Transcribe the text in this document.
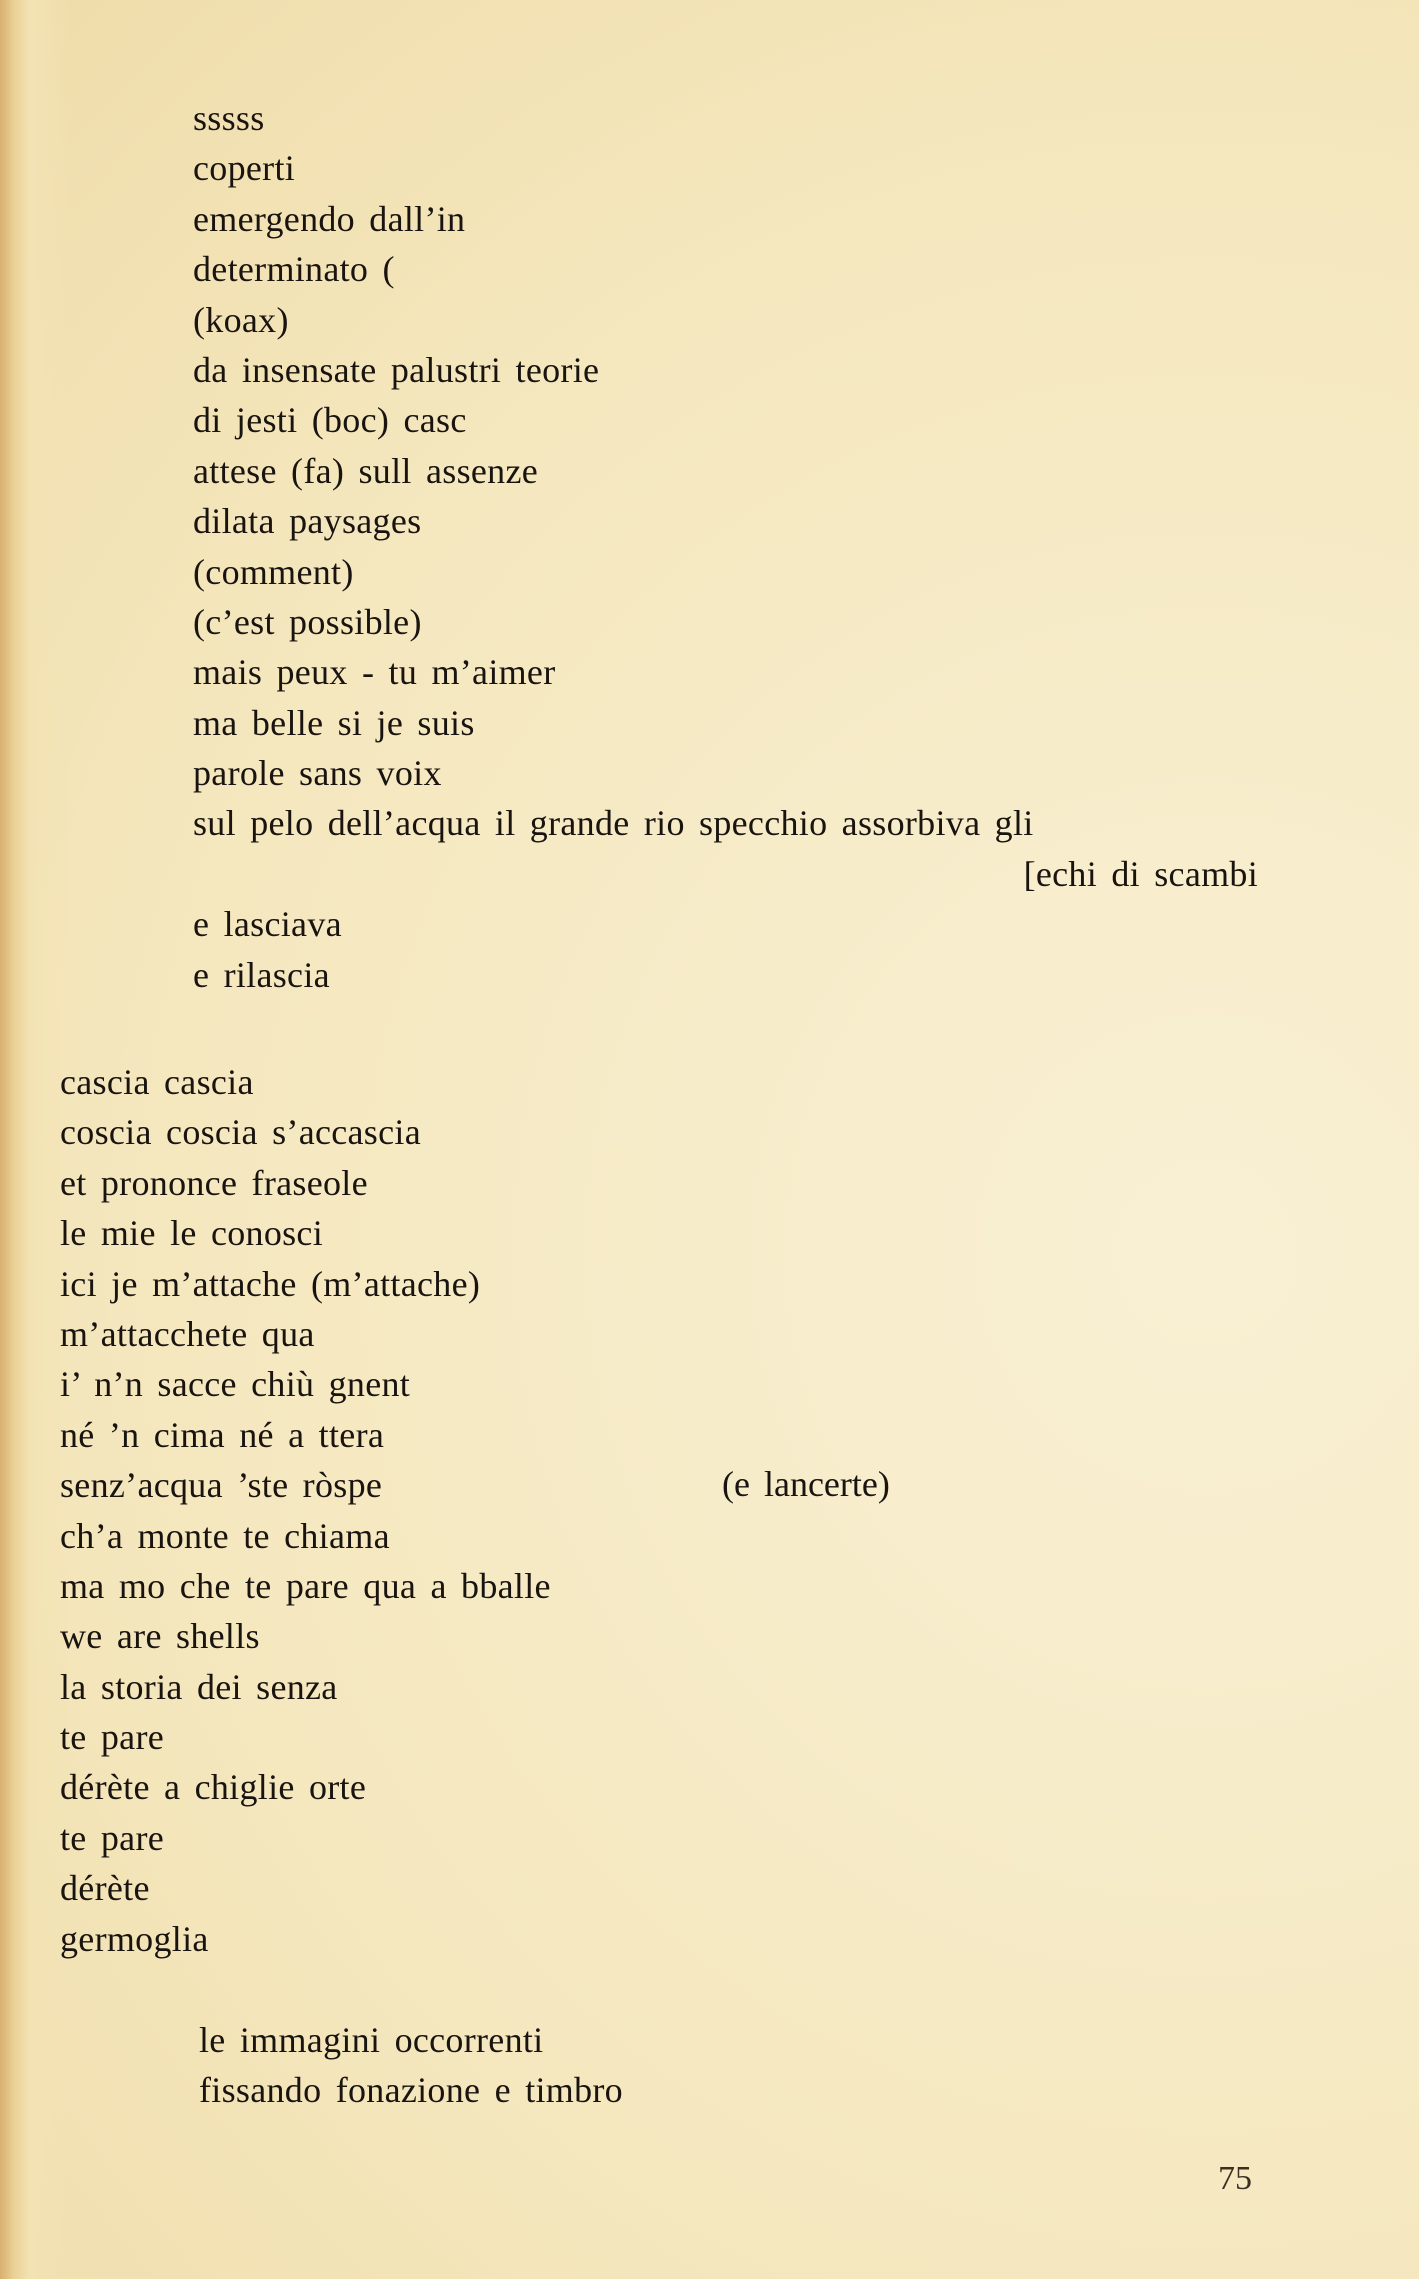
sssss
coperti
emergendo dall’in
determinato (
(koax)
da insensate palustri teorie
di jesti (boc) casc
attese (fa) sull assenze
dilata paysages
(comment)
(c’est possible)
mais peux - tu m’aimer
ma belle si je suis
parole sans voix
sul pelo dell’acqua il grande rio specchio assorbiva gli
[echi di scambi
e lasciava
e rilascia
cascia cascia
coscia coscia s’accascia
et prononce fraseole
le mie le conosci
ici je m’attache (m’attache)
m’attacchete qua
i’ n’n sacce chiù gnent
né ’n cima né a ttera
senz’acqua ’ste ròspe
ch’a monte te chiama
ma mo che te pare qua a bballe
we are shells
la storia dei senza
te pare
dérète a chiglie orte
te pare
dérète
germoglia
(e lancerte)
le immagini occorrenti
fissando fonazione e timbro
75
